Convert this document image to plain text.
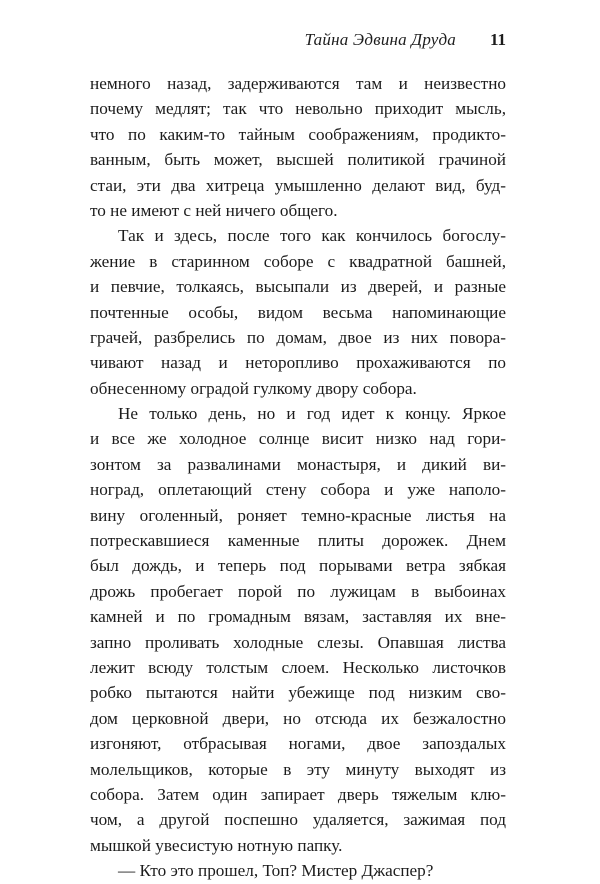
Тайна Эдвина Друда 11
немного назад, задерживаются там и неизвестно
почему медлят; так что невольно приходит мысль,
что по каким-то тайным соображениям, продикто-
ванным, быть может, высшей политикой грачиной
стаи, эти два хитреца умышленно делают вид, буд-
то не имеют с ней ничего общего.
Так и здесь, после того как кончилось богослу-
жение в старинном соборе с квадратной башней,
и певчие, толкаясь, высыпали из дверей, и разные
почтенные особы, видом весьма напоминающие
грачей, разбрелись по домам, двое из них повора-
чивают назад и неторопливо прохаживаются по
обнесенному оградой гулкому двору собора.
Не только день, но и год идет к концу. Яркое
и все же холодное солнце висит низко над гори-
зонтом за развалинами монастыря, и дикий ви-
ноград, оплетающий стену собора и уже наполо-
вину оголенный, роняет темно-красные листья на
потрескавшиеся каменные плиты дорожек. Днем
был дождь, и теперь под порывами ветра зябкая
дрожь пробегает порой по лужицам в выбоинах
камней и по громадным вязам, заставляя их вне-
запно проливать холодные слезы. Опавшая листва
лежит всюду толстым слоем. Несколько листочков
робко пытаются найти убежище под низким сво-
дом церковной двери, но отсюда их безжалостно
изгоняют, отбрасывая ногами, двое запоздалых
молельщиков, которые в эту минуту выходят из
собора. Затем один запирает дверь тяжелым клю-
чом, а другой поспешно удаляется, зажимая под
мышкой увесистую нотную папку.
— Кто это прошел, Топ? Мистер Джаспер?
